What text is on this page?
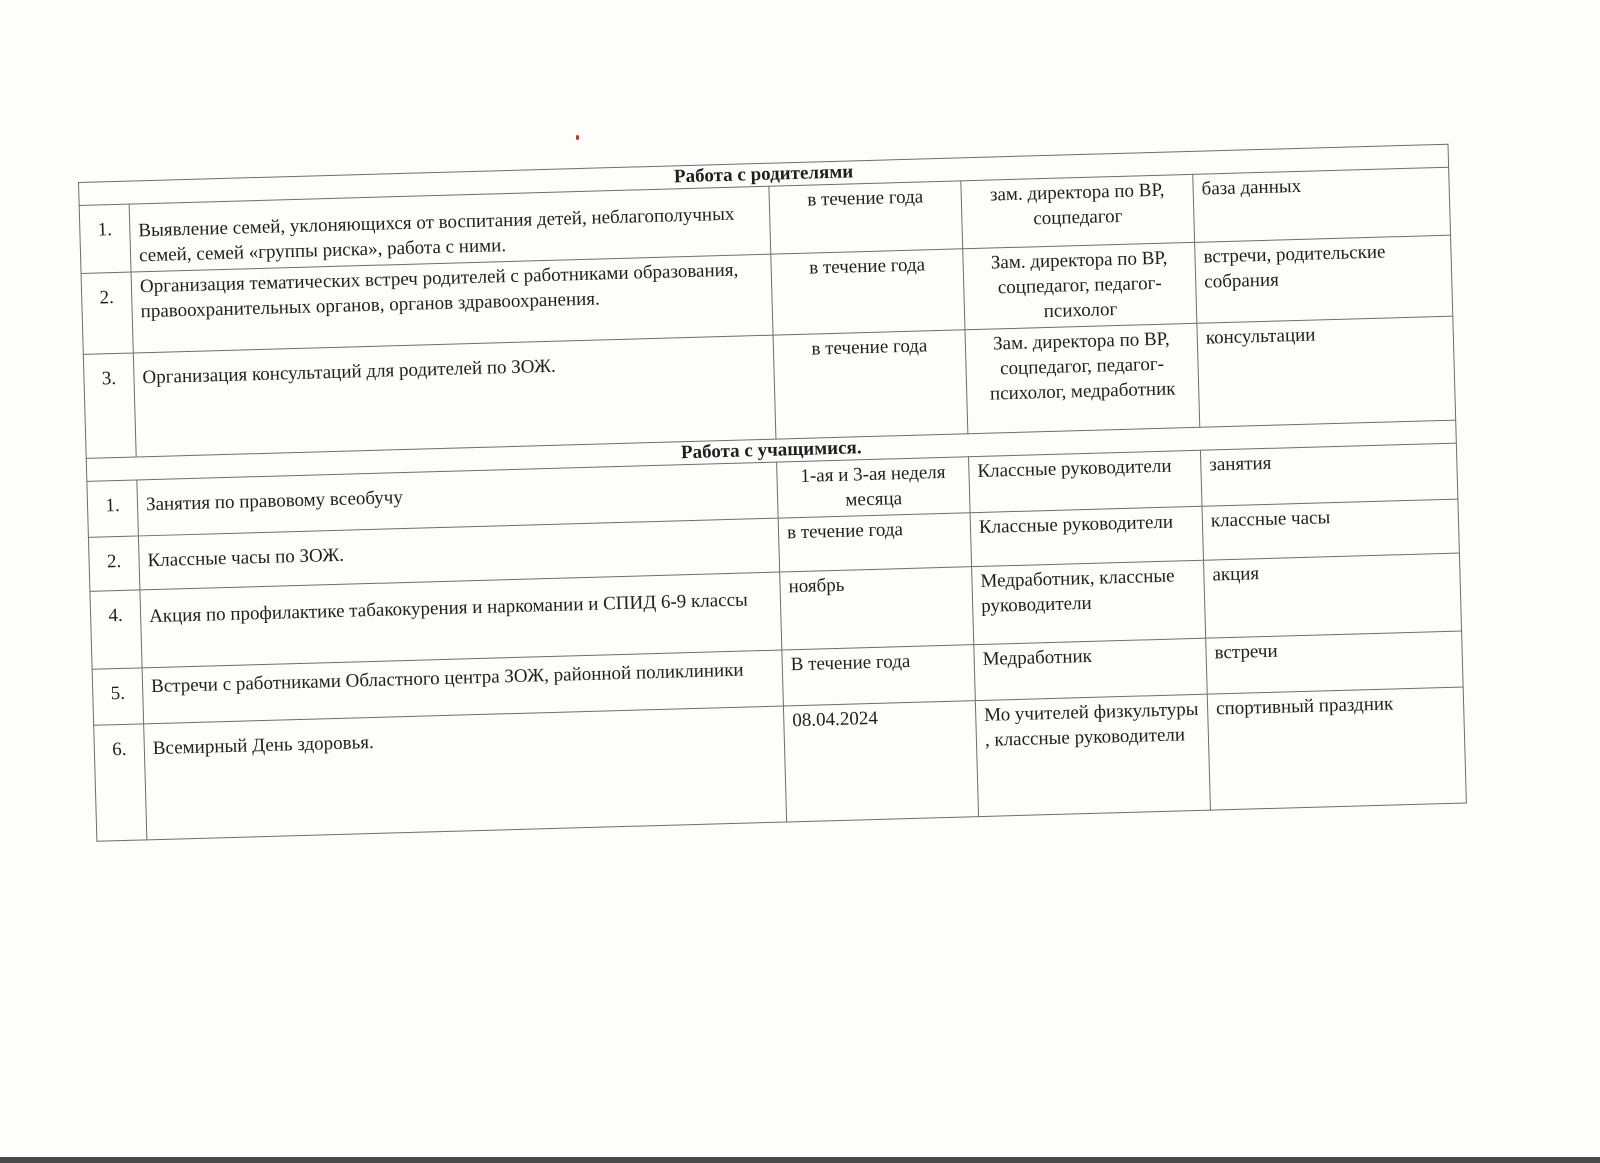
Работа с родителями				
1.	Выявление семей, уклоняющихся от воспитания детей, неблагополучных семей, семей «группы риска», работа с ними.	в течение года	зам. директора по ВР, соцпедагог	база данных
2.	Организация тематических встреч родителей с работниками образования, правоохранительных органов, органов здравоохранения.	в течение года	Зам. директора по ВР, соцпедагог, педагог-психолог	встречи, родительские собрания
3.	Организация консультаций для родителей по ЗОЖ.	в течение года	Зам. директора по ВР, соцпедагог, педагог-психолог, медработник	консультации
Работа с учащимися.				
1.	Занятия по правовому всеобучу	1-ая и 3-ая неделя месяца	Классные руководители	занятия
2.	Классные часы по ЗОЖ.	в течение года	Классные руководители	классные часы
4.	Акция по профилактике табакокурения и наркомании и СПИД 6-9 классы	ноябрь	Медработник, классные руководители	акция
5.	Встречи с работниками Областного центра ЗОЖ, районной поликлиники	В течение года	Медработник	встречи
6.	Всемирный День здоровья.	08.04.2024	Мо учителей физкультуры , классные руководители	спортивный праздник
